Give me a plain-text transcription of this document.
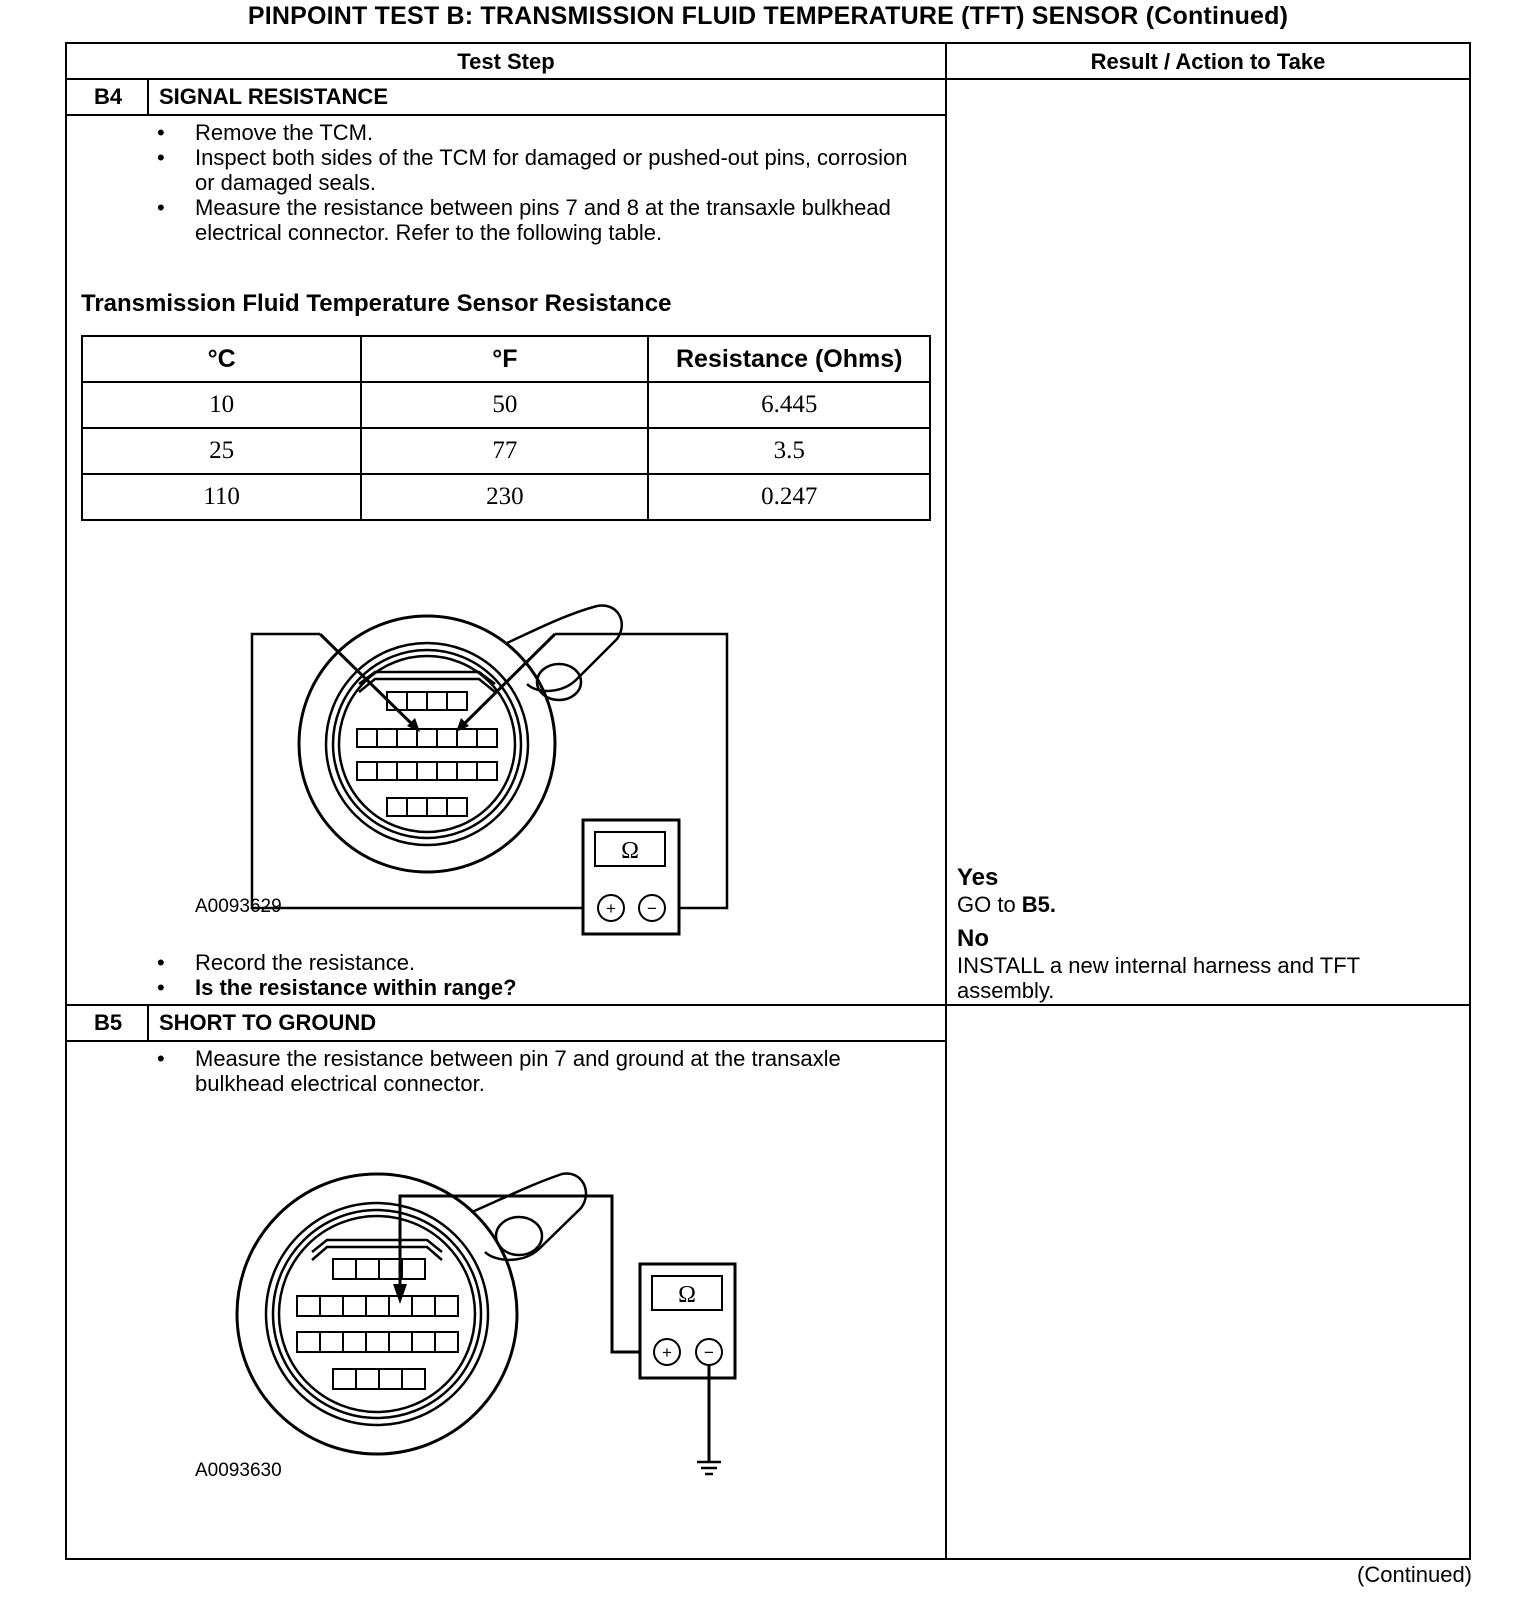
PINPOINT TEST B: TRANSMISSION FLUID TEMPERATURE (TFT) SENSOR (Continued)
Test Step	Result / Action to Take
B4	SIGNAL RESISTANCE
• Remove the TCM.
• Inspect both sides of the TCM for damaged or pushed-out pins, corrosion or damaged seals.
• Measure the resistance between pins 7 and 8 at the transaxle bulkhead electrical connector. Refer to the following table.
Transmission Fluid Temperature Sensor Resistance
°C	°F	Resistance (Ohms)
10	50	6.445
25	77	3.5
110	230	0.247
Ω
+ −
A0093629
• Record the resistance.
• Is the resistance within range?
Yes
GO to B5.
No
INSTALL a new internal harness and TFT assembly.
B5	SHORT TO GROUND
• Measure the resistance between pin 7 and ground at the transaxle bulkhead electrical connector.
Ω
+ −
A0093630
(Continued)
